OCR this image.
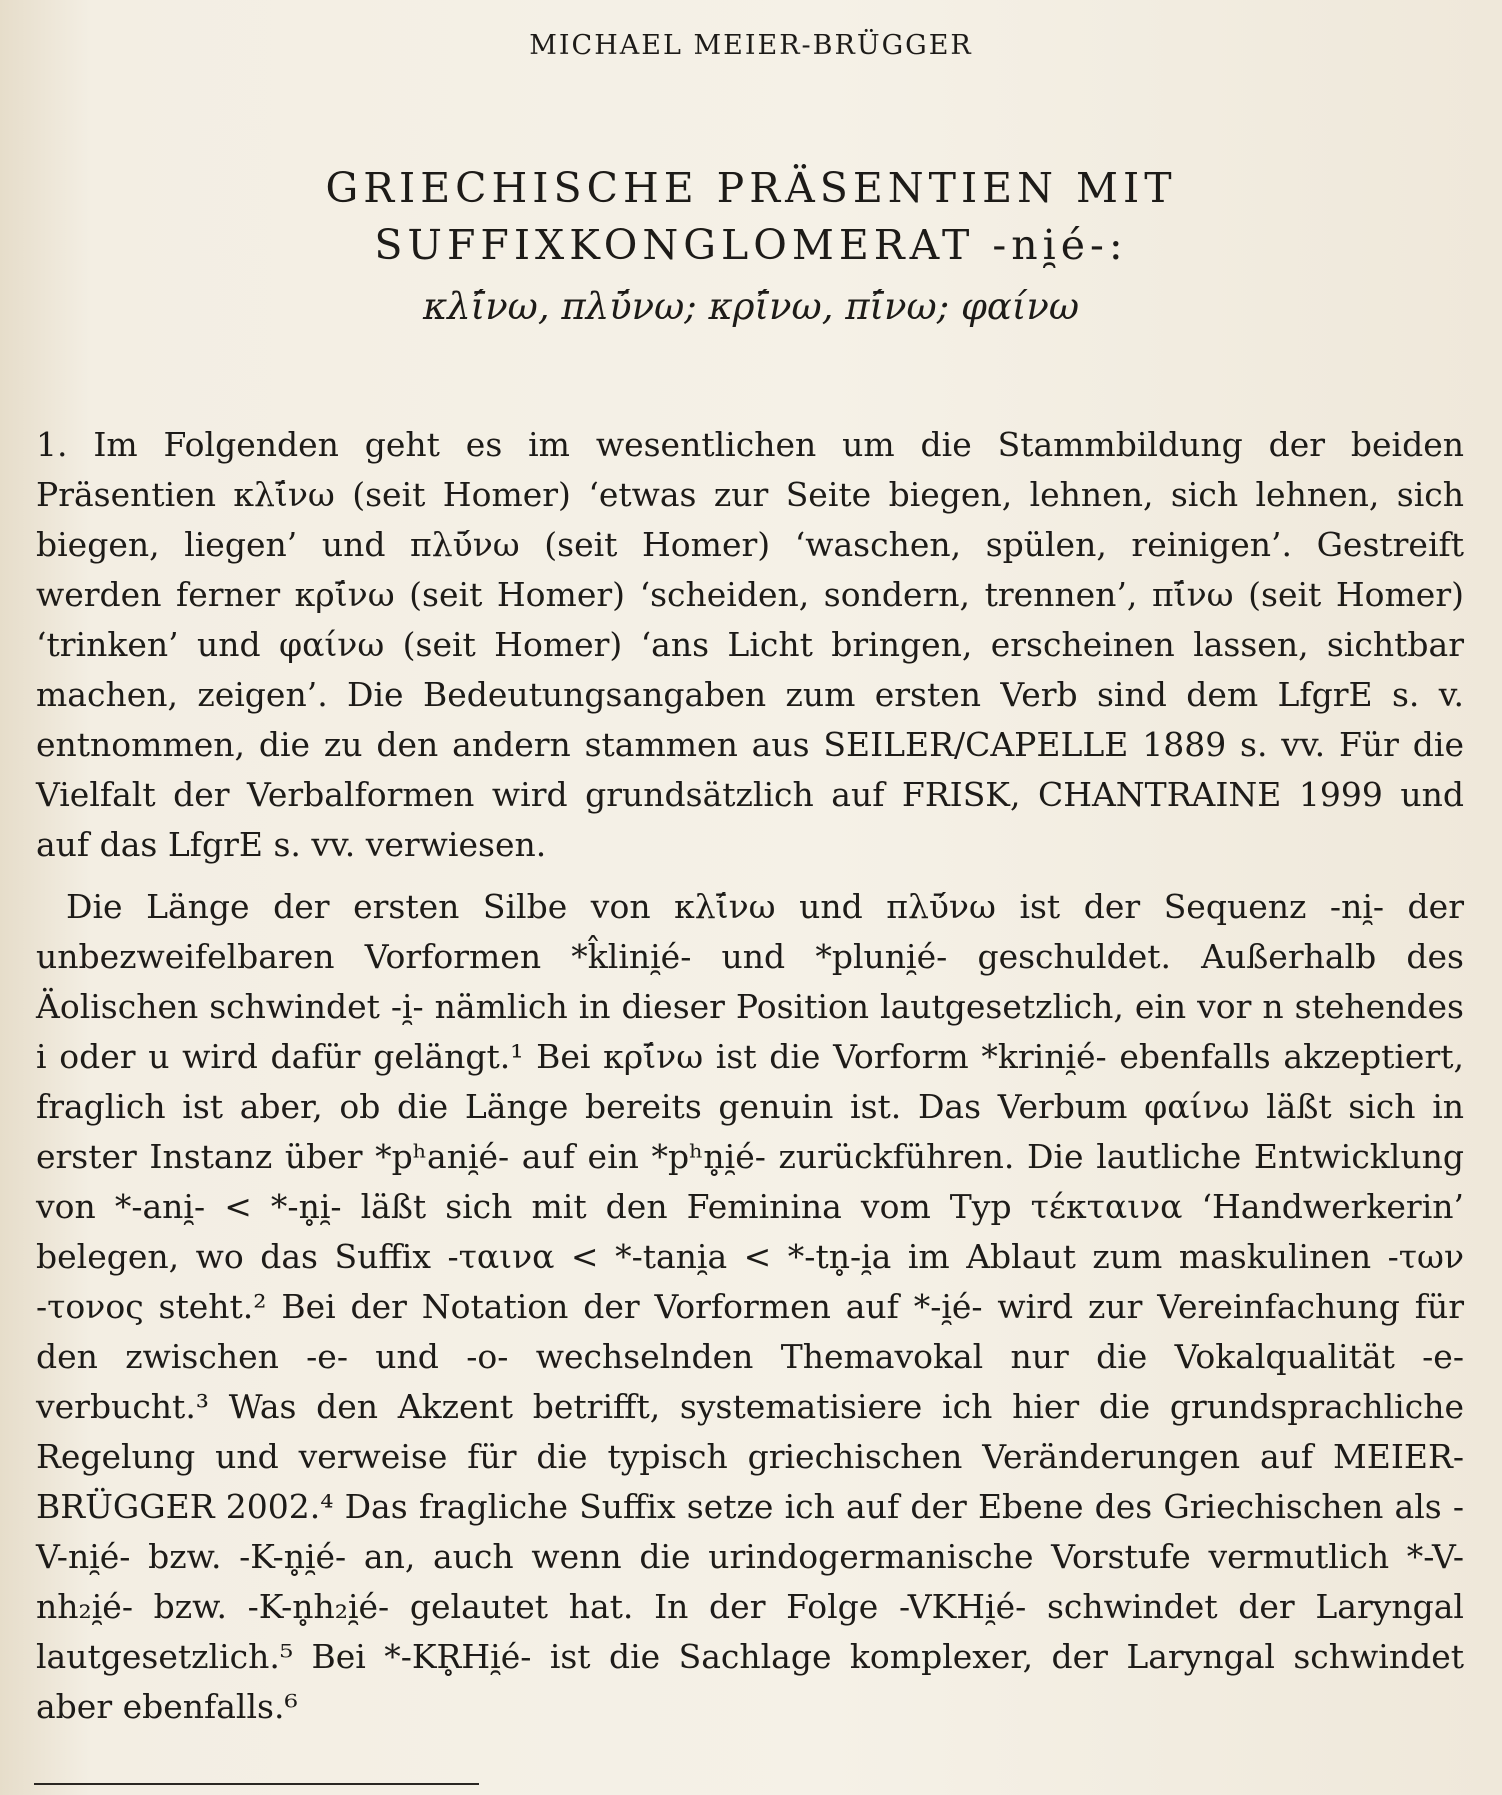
MICHAEL MEIER-BRÜGGER
GRIECHISCHE PRÄSENTIEN MIT
SUFFIXKONGLOMERAT -ni̯é-:
κλῑ́νω, πλῡ́νω; κρῑ́νω, πῑ́νω; φαίνω

1. Im Folgenden geht es im wesentlichen um die Stammbildung der beiden Präsentien κλῑ́νω (seit Homer) ‘etwas zur Seite biegen, lehnen, sich lehnen, sich biegen, liegen’ und πλῡ́νω (seit Homer) ‘waschen, spülen, reinigen’. Gestreift werden ferner κρῑ́νω (seit Homer) ‘scheiden, sondern, trennen’, πῑ́νω (seit Homer) ‘trinken’ und φαίνω (seit Homer) ‘ans Licht bringen, erscheinen lassen, sichtbar machen, zeigen’. Die Bedeutungsangaben zum ersten Verb sind dem LfgrE s. v. entnommen, die zu den andern stammen aus SEILER/CAPELLE 1889 s. vv. Für die Vielfalt der Verbalformen wird grundsätzlich auf FRISK, CHANTRAINE 1999 und auf das LfgrE s. vv. verwiesen.

Die Länge der ersten Silbe von κλῑ́νω und πλῡ́νω ist der Sequenz -ni̯- der unbezweifelbaren Vorformen *k̂lini̯é- und *pluni̯é- geschuldet. Außerhalb des Äolischen schwindet -i̯- nämlich in dieser Position lautgesetzlich, ein vor n stehendes i oder u wird dafür gelängt.¹ Bei κρῑ́νω ist die Vorform *krini̯é- ebenfalls akzeptiert, fraglich ist aber, ob die Länge bereits genuin ist. Das Verbum φαίνω läßt sich in erster Instanz über *pʰani̯é- auf ein *pʰn̥i̯é- zurückführen. Die lautliche Entwicklung von *-ani̯- < *-n̥i̯- läßt sich mit den Feminina vom Typ τέκταινα ‘Handwerkerin’ belegen, wo das Suffix -ταινα < *-tani̯a < *-tn̥-i̯a im Ablaut zum maskulinen -των -τονος steht.² Bei der Notation der Vorformen auf *-i̯é- wird zur Vereinfachung für den zwischen -e- und -o- wechselnden Themavokal nur die Vokalqualität -e- verbucht.³ Was den Akzent betrifft, systematisiere ich hier die grundsprachliche Regelung und verweise für die typisch griechischen Veränderungen auf MEIER-BRÜGGER 2002.⁴ Das fragliche Suffix setze ich auf der Ebene des Griechischen als -V-ni̯é- bzw. -K-n̥i̯é- an, auch wenn die urindogermanische Vorstufe vermutlich *-V-nh₂i̯é- bzw. -K-n̥h₂i̯é- gelautet hat. In der Folge -VKHi̯é- schwindet der Laryngal lautgesetzlich.⁵ Bei *-KR̥Hi̯é- ist die Sachlage komplexer, der Laryngal schwindet aber ebenfalls.⁶
